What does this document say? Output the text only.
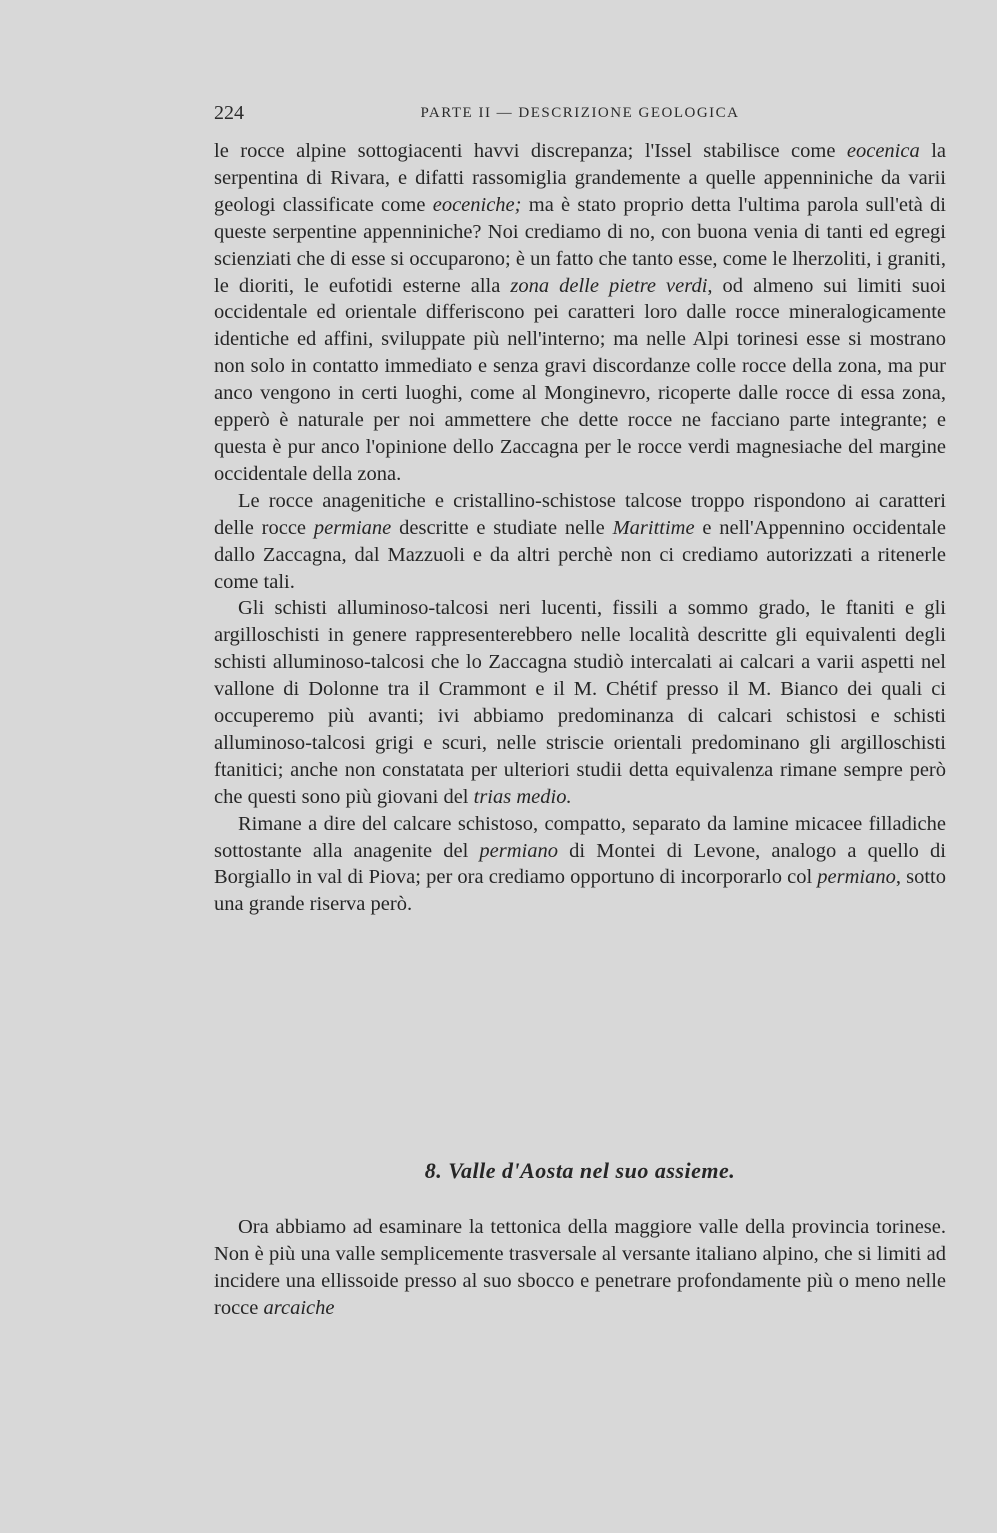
224	PARTE II — DESCRIZIONE GEOLOGICA

le rocce alpine sottogiacenti havvi discrepanza; l'Issel stabilisce come eocenica la serpentina di Rivara, e difatti rassomiglia grandemente a quelle appenniniche da varii geologi classificate come eoceniche; ma è stato proprio detta l'ultima parola sull'età di queste serpentine appenniniche? Noi crediamo di no, con buona venia di tanti ed egregi scienziati che di esse si occuparono; è un fatto che tanto esse, come le lherzoliti, i graniti, le dioriti, le eufotidi esterne alla zona delle pietre verdi, od almeno sui limiti suoi occidentale ed orientale differiscono pei caratteri loro dalle rocce mineralogicamente identiche ed affini, sviluppate più nell'interno; ma nelle Alpi torinesi esse si mostrano non solo in contatto immediato e senza gravi discordanze colle rocce della zona, ma pur anco vengono in certi luoghi, come al Monginevro, ricoperte dalle rocce di essa zona, epperò è naturale per noi ammettere che dette rocce ne facciano parte integrante; e questa è pur anco l'opinione dello Zaccagna per le rocce verdi magnesiache del margine occidentale della zona.

Le rocce anagenitiche e cristallino-schistose talcose troppo rispondono ai caratteri delle rocce permiane descritte e studiate nelle Marittime e nell'Appennino occidentale dallo Zaccagna, dal Mazzuoli e da altri perchè non ci crediamo autorizzati a ritenerle come tali.

Gli schisti alluminoso-talcosi neri lucenti, fissili a sommo grado, le ftaniti e gli argilloschisti in genere rappresenterebbero nelle località descritte gli equivalenti degli schisti alluminoso-talcosi che lo Zaccagna studiò intercalati ai calcari a varii aspetti nel vallone di Dolonne tra il Crammont e il M. Chétif presso il M. Bianco dei quali ci occuperemo più avanti; ivi abbiamo predominanza di calcari schistosi e schisti alluminoso-talcosi grigi e scuri, nelle striscie orientali predominano gli argilloschisti ftanitici; anche non constatata per ulteriori studii detta equivalenza rimane sempre però che questi sono più giovani del trias medio.

Rimane a dire del calcare schistoso, compatto, separato da lamine micacee filladiche sottostante alla anagenite del permiano di Montei di Levone, analogo a quello di Borgiallo in val di Piova; per ora crediamo opportuno di incorporarlo col permiano, sotto una grande riserva però.

8. Valle d'Aosta nel suo assieme.

Ora abbiamo ad esaminare la tettonica della maggiore valle della provincia torinese. Non è più una valle semplicemente trasversale al versante italiano alpino, che si limiti ad incidere una ellissoide presso al suo sbocco e penetrare profondamente più o meno nelle rocce arcaiche
